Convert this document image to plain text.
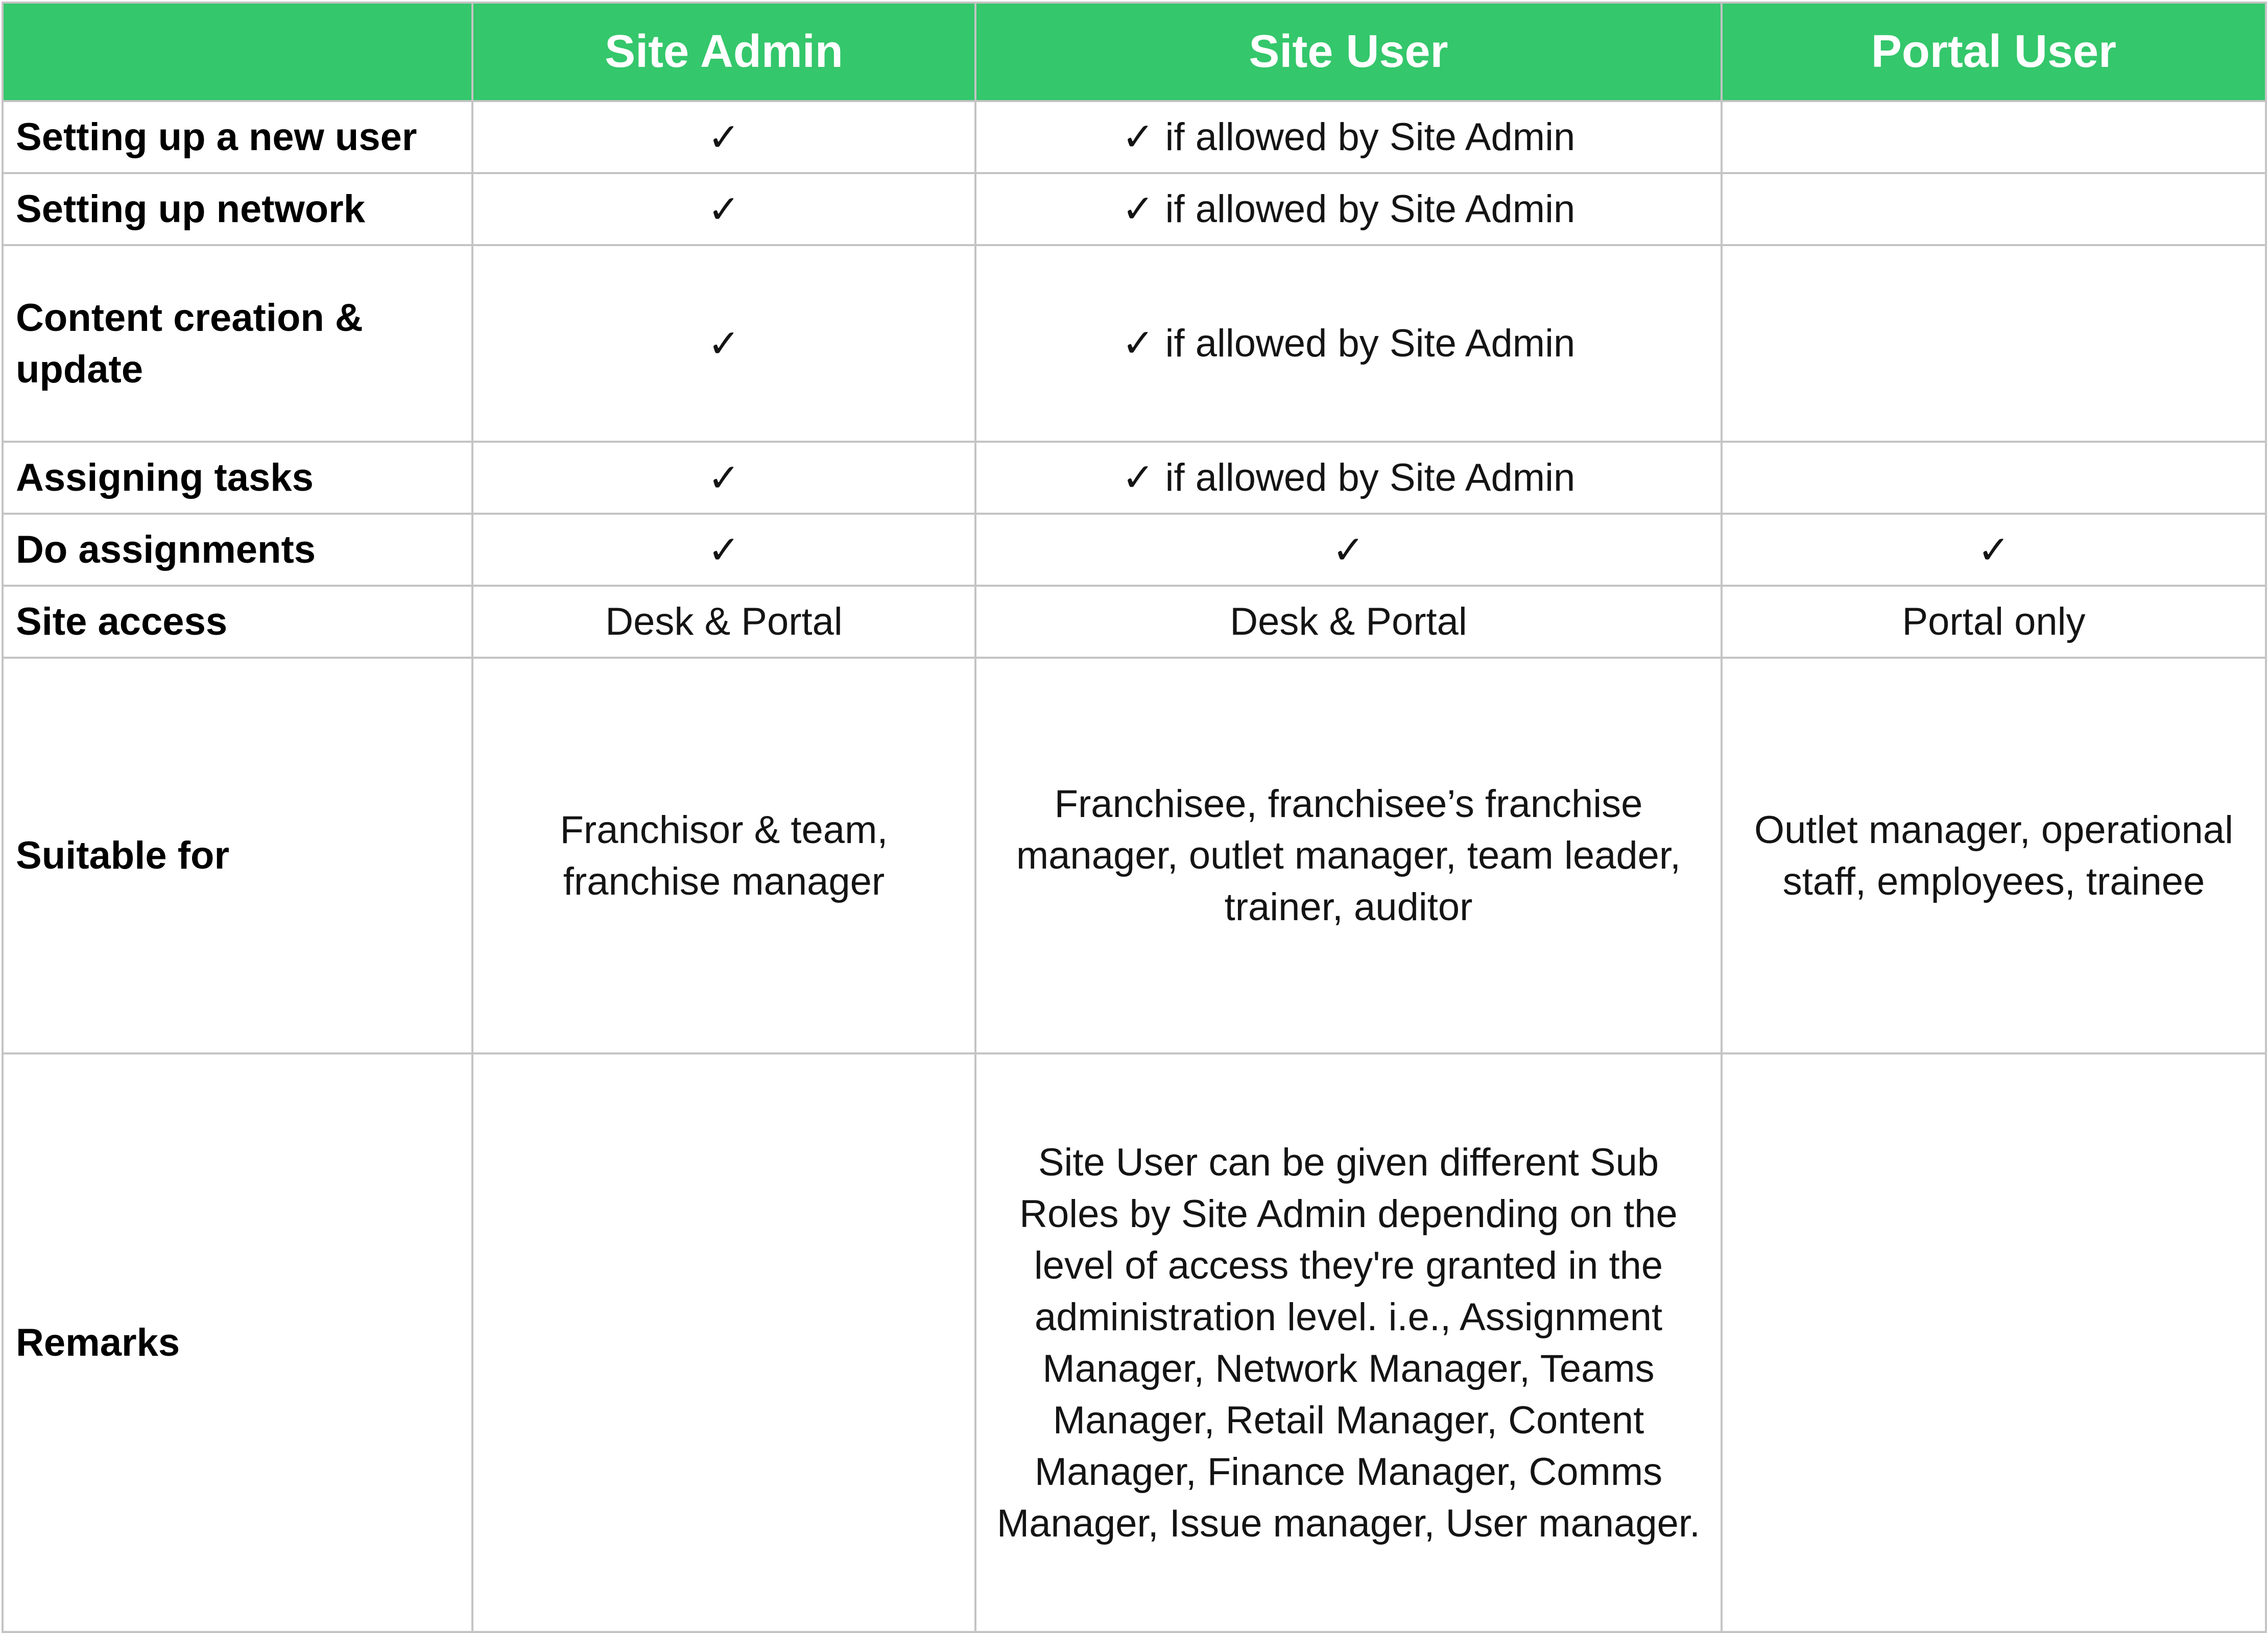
	Site Admin	Site User	Portal User
Setting up a new user	✓	✓ if allowed by Site Admin	
Setting up network	✓	✓ if allowed by Site Admin	
Content creation & update	✓	✓ if allowed by Site Admin	
Assigning tasks	✓	✓ if allowed by Site Admin	
Do assignments	✓	✓	✓
Site access	Desk & Portal	Desk & Portal	Portal only
Suitable for	Franchisor & team, franchise manager	Franchisee, franchisee’s franchise manager, outlet manager, team leader, trainer, auditor	Outlet manager, operational staff, employees, trainee
Remarks		Site User can be given different Sub Roles by Site Admin depending on the level of access they're granted in the administration level. i.e., Assignment Manager, Network Manager, Teams Manager, Retail Manager, Content Manager, Finance Manager, Comms Manager, Issue manager, User manager.	
